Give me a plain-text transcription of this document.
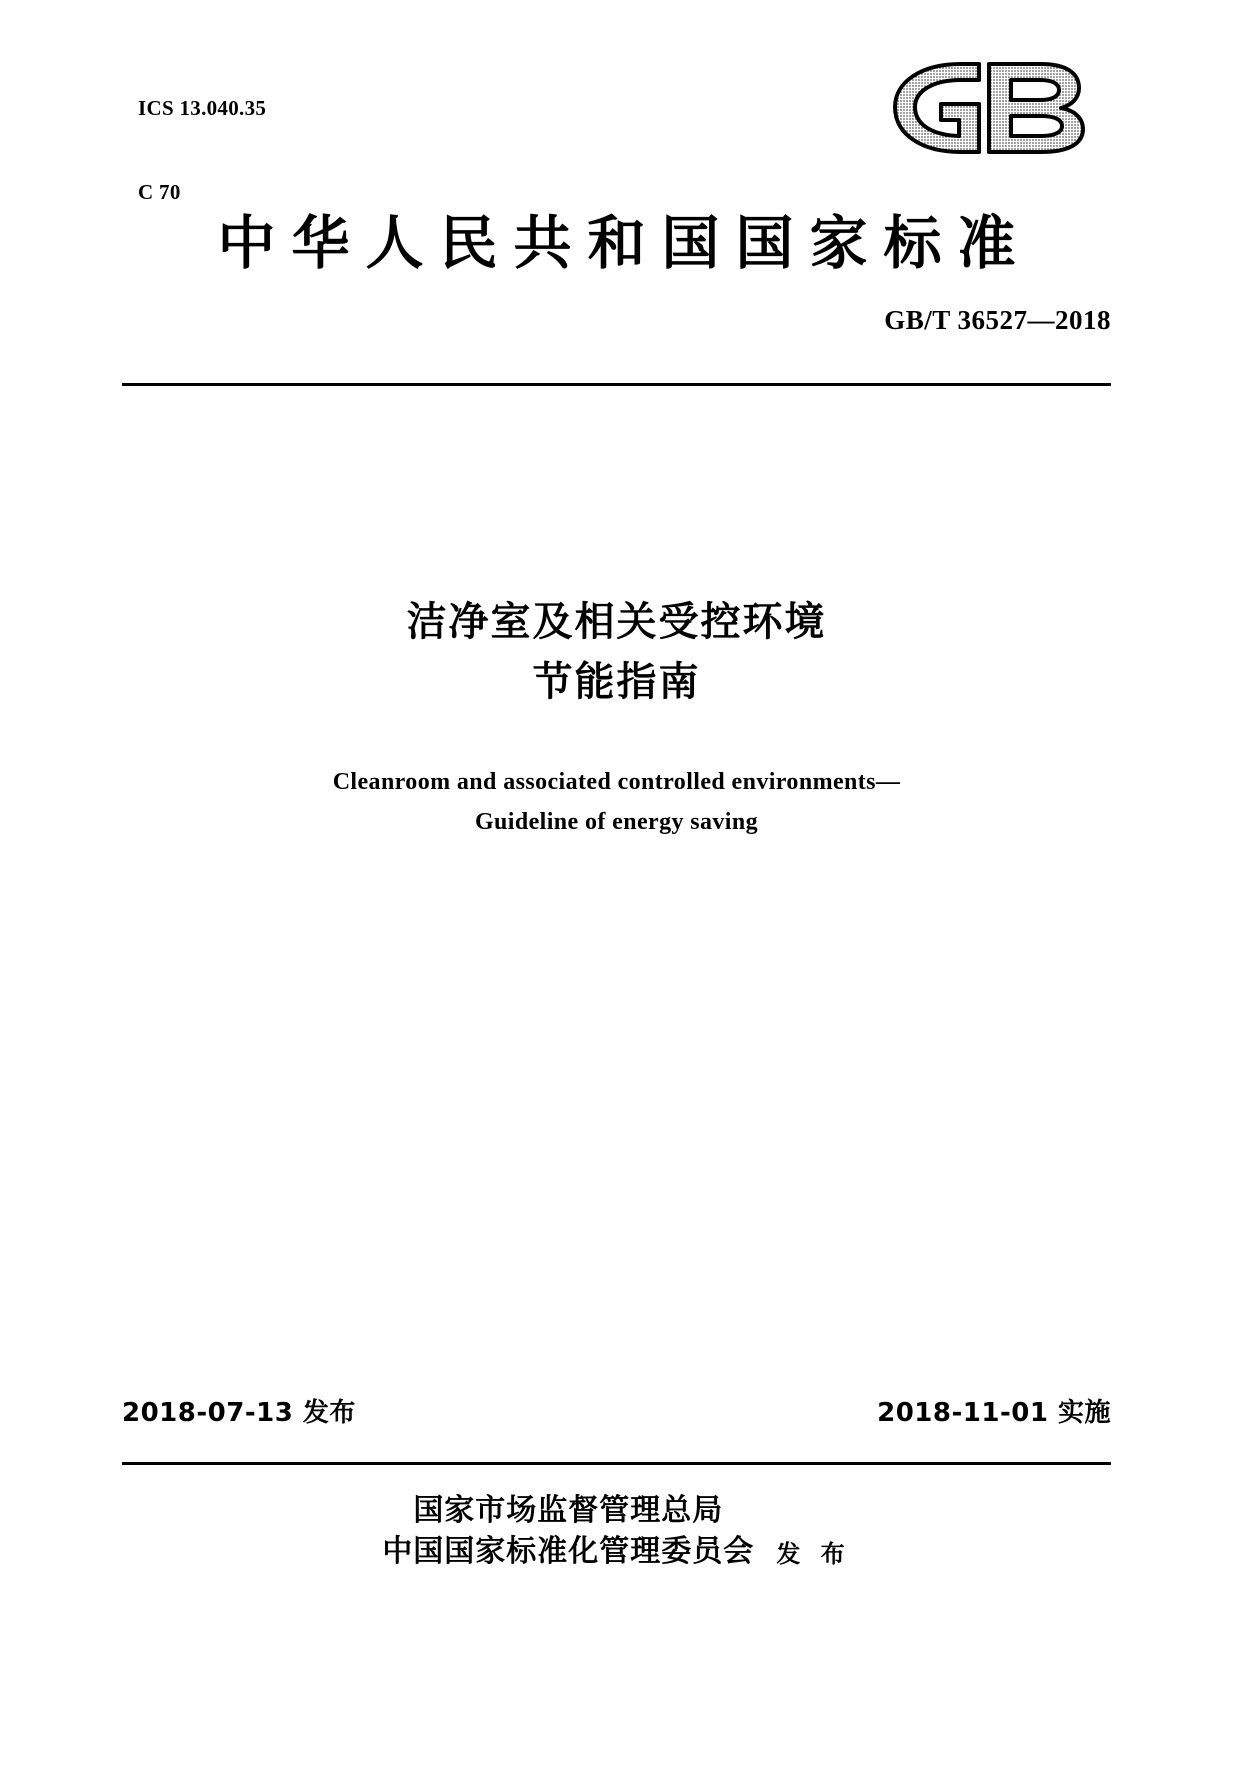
ICS 13.040.35

C 70

中华人民共和国国家标准
GB/T 36527—2018
洁净室及相关受控环境
节能指南
Cleanroom and associated controlled environments—
Guideline of energy saving
2018-07-13 发布	2018-11-01 实施
国家市场监督管理总局
中国国家标准化管理委员会 发 布
